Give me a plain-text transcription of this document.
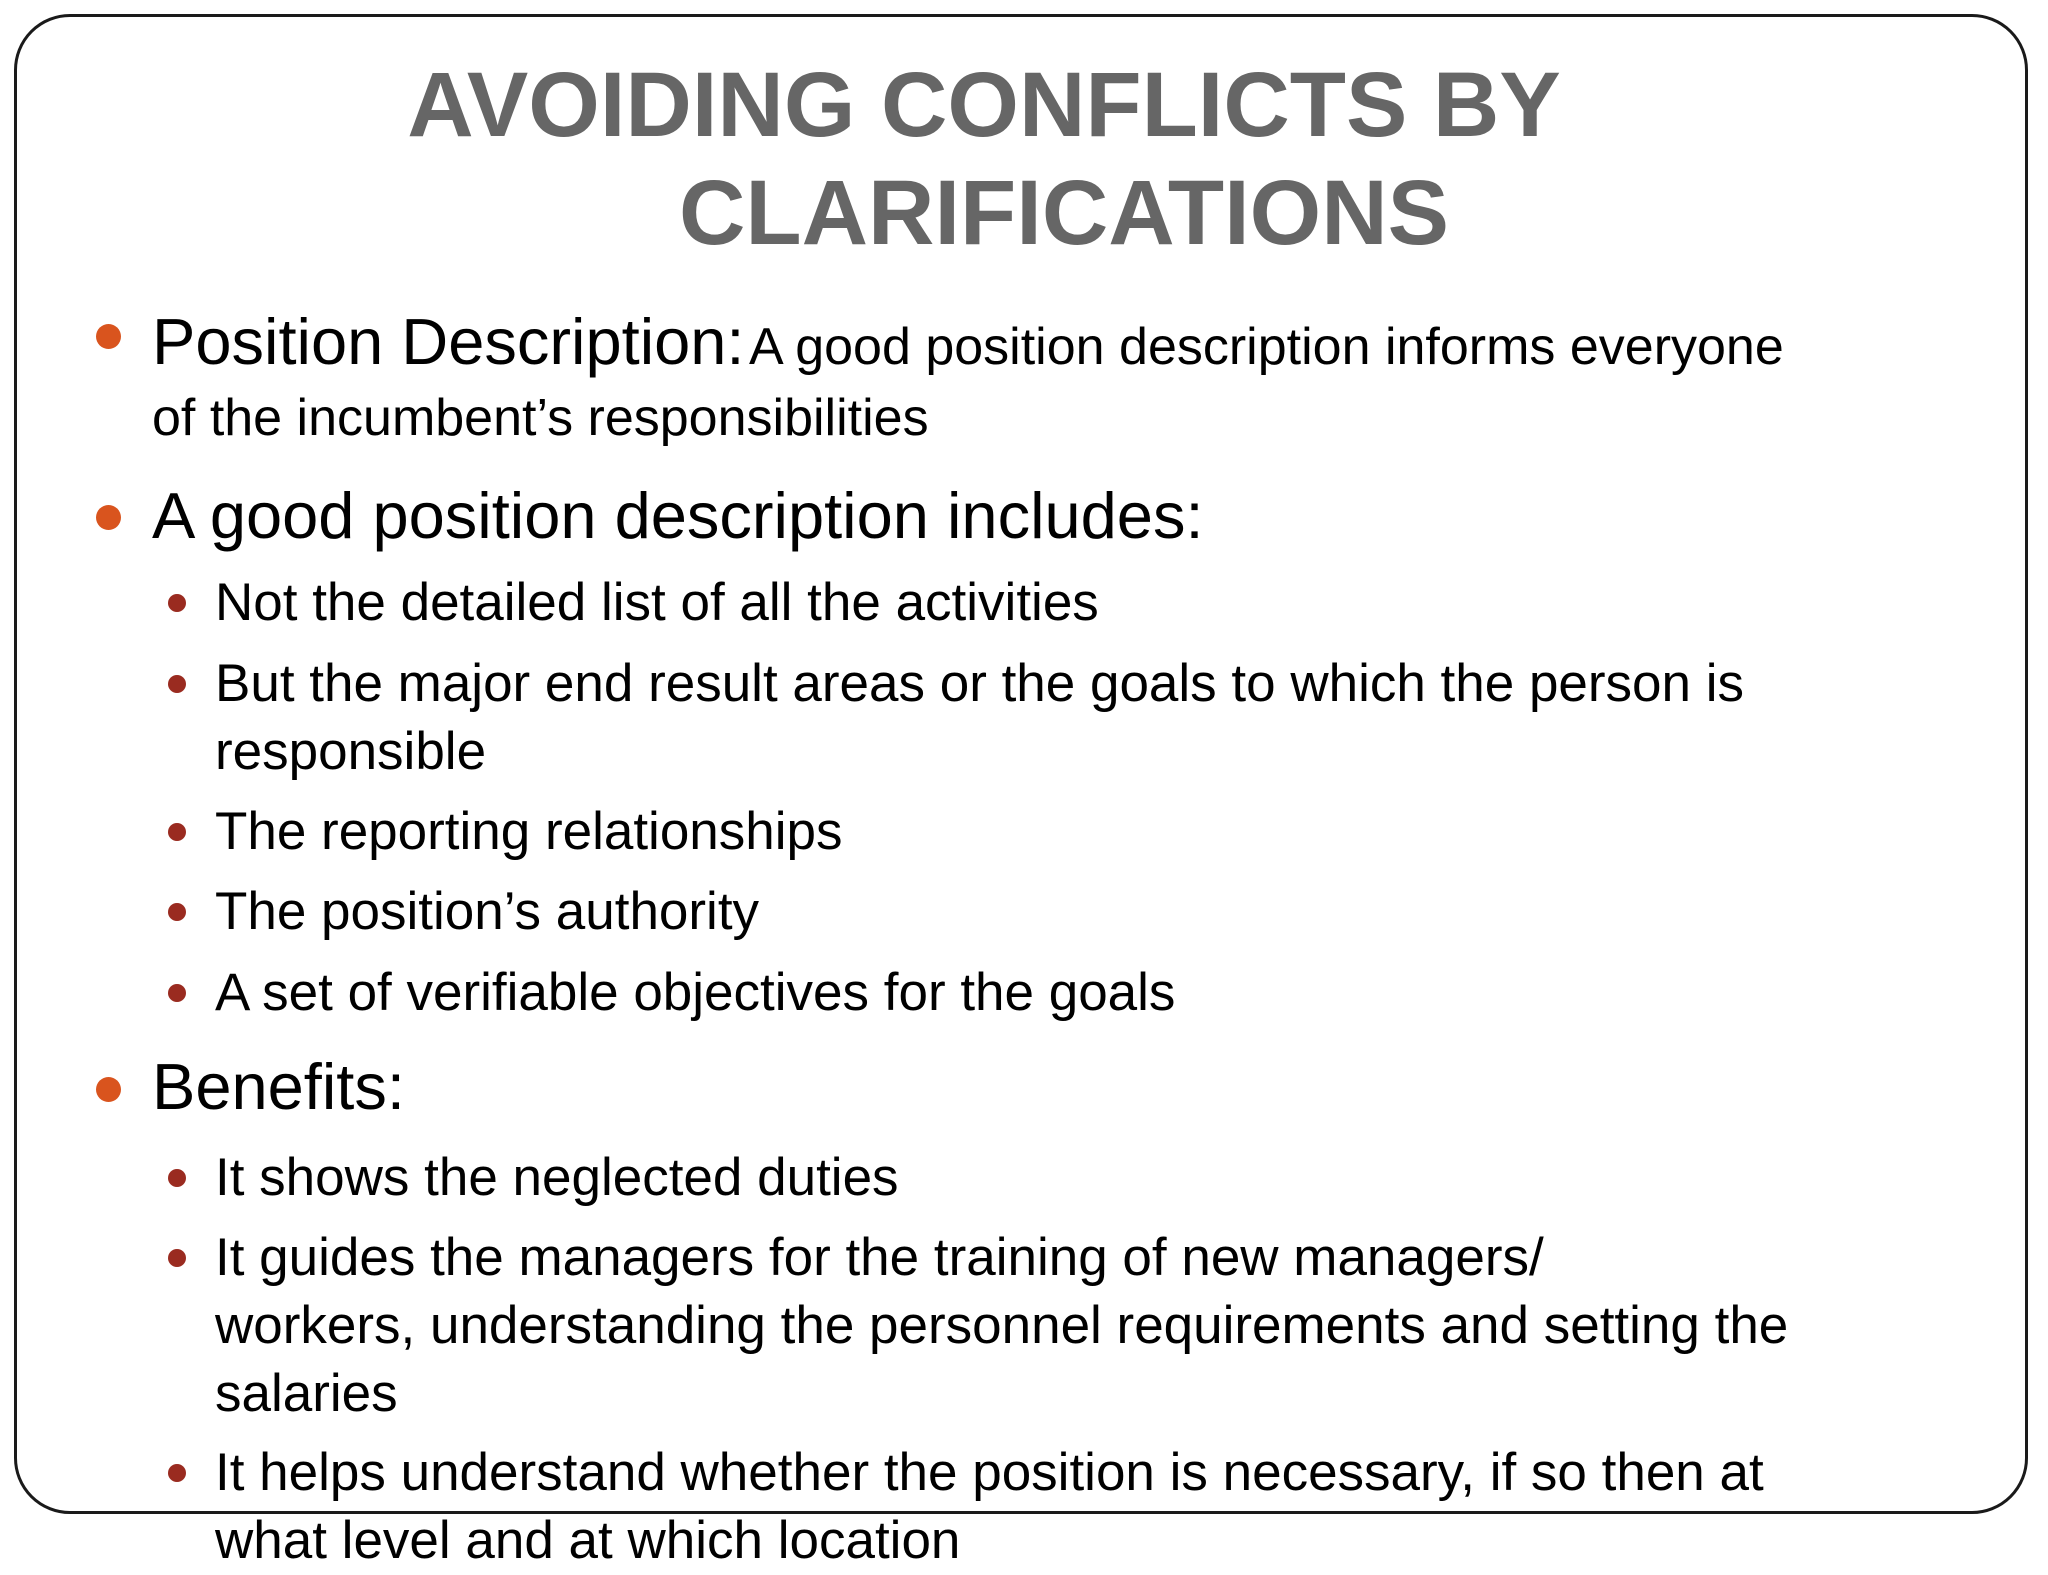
AVOIDING CONFLICTS BY
CLARIFICATIONS
Position Description: A good position description informs everyone
of the incumbent’s responsibilities
A good position description includes:
Not the detailed list of all the activities
But the major end result areas or the goals to which the person is
responsible
The reporting relationships
The position’s authority
A set of verifiable objectives for the goals
Benefits:
It shows the neglected duties
It guides the managers for the training of new managers/
workers, understanding the personnel requirements and setting the
salaries
It helps understand whether the position is necessary, if so then at
what level and at which location
